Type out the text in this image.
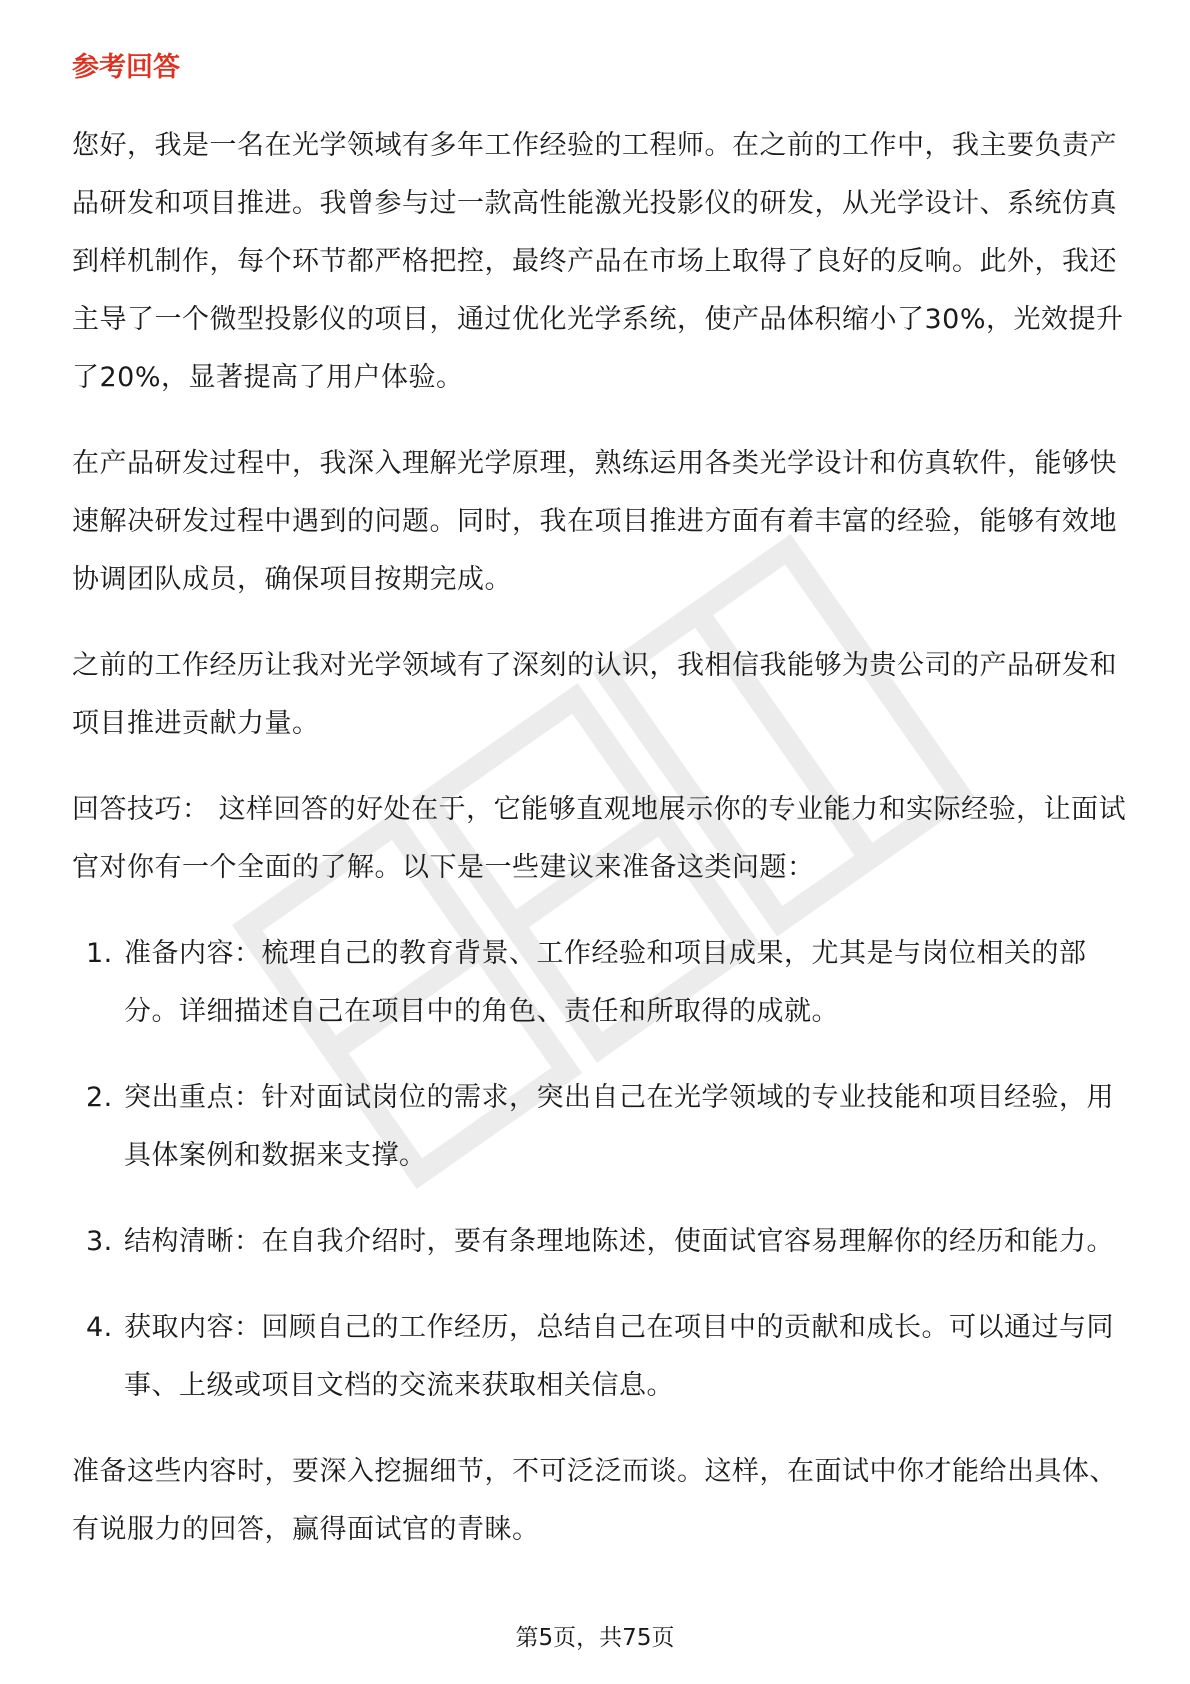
参考回答

您好，我是一名在光学领域有多年工作经验的工程师。在之前的工作中，我主要负责产品研发和项目推进。我曾参与过一款高性能激光投影仪的研发，从光学设计、系统仿真到样机制作，每个环节都严格把控，最终产品在市场上取得了良好的反响。此外，我还主导了一个微型投影仪的项目，通过优化光学系统，使产品体积缩小了30%，光效提升了20%，显著提高了用户体验。

在产品研发过程中，我深入理解光学原理，熟练运用各类光学设计和仿真软件，能够快速解决研发过程中遇到的问题。同时，我在项目推进方面有着丰富的经验，能够有效地协调团队成员，确保项目按期完成。

之前的工作经历让我对光学领域有了深刻的认识，我相信我能够为贵公司的产品研发和项目推进贡献力量。

回答技巧： 这样回答的好处在于，它能够直观地展示你的专业能力和实际经验，让面试官对你有一个全面的了解。以下是一些建议来准备这类问题：

1. 准备内容：梳理自己的教育背景、工作经验和项目成果，尤其是与岗位相关的部分。详细描述自己在项目中的角色、责任和所取得的成就。
2. 突出重点：针对面试岗位的需求，突出自己在光学领域的专业技能和项目经验，用具体案例和数据来支撑。
3. 结构清晰：在自我介绍时，要有条理地陈述，使面试官容易理解你的经历和能力。
4. 获取内容：回顾自己的工作经历，总结自己在项目中的贡献和成长。可以通过与同事、上级或项目文档的交流来获取相关信息。

准备这些内容时，要深入挖掘细节，不可泛泛而谈。这样，在面试中你才能给出具体、有说服力的回答，赢得面试官的青睐。

第5页，共75页
